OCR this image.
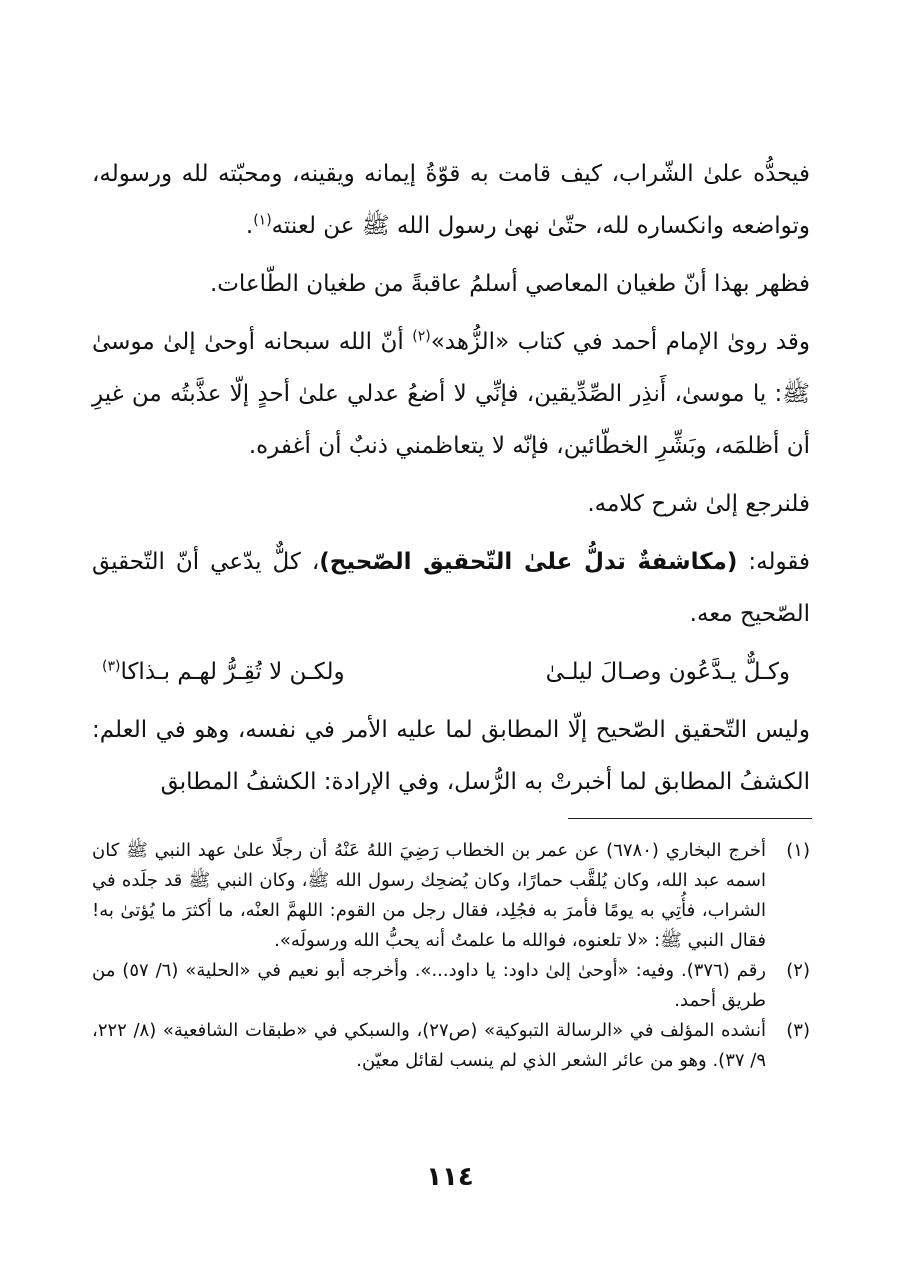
فيحدُّه علىٰ الشّراب، كيف قامت به قوّةُ إيمانه ويقينه، ومحبّته لله ورسوله، وتواضعه وانكساره لله، حتّىٰ نهىٰ رسول الله ﷺ عن لعنته$^{(١)}$.

فظهر بهذا أنّ طغيان المعاصي أسلمُ عاقبةً من طغيان الطّاعات.

وقد روىٰ الإمام أحمد في كتاب «الزُّهد»$^{(٢)}$ أنّ الله سبحانه أوحىٰ إلىٰ موسىٰ ﷺ: يا موسىٰ، أَنذِر الصِّدِّيقين، فإنِّي لا أضعُ عدلي علىٰ أحدٍ إلّا عذَّبتُه من غيرِ أن أظلمَه، وبَشِّرِ الخطّائين، فإنّه لا يتعاظمني ذنبٌ أن أغفره.

فلنرجع إلىٰ شرح كلامه.

فقوله: (مكاشفةٌ تدلُّ علىٰ التّحقيق الصّحيح)، كلٌّ يدّعي أنّ التّحقيق الصّحيح معه.

وكـلٌّ يـدَّعُون وصـالَ ليلـىٰ
ولكـن لا تُقِـرُّ لهـم بـذاكا$^{(٣)}$

وليس التّحقيق الصّحيح إلّا المطابق لما عليه الأمر في نفسه، وهو في العلم: الكشفُ المطابق لما أخبرتْ به الرُّسل، وفي الإرادة: الكشفُ المطابق

(١)
أخرج البخاري (٦٧٨٠) عن عمر بن الخطاب رَضِيَ اللهُ عَنْهُ أن رجلًا علىٰ عهد النبي ﷺ كان اسمه عبد الله، وكان يُلقَّب حمارًا، وكان يُضحِك رسول الله ﷺ، وكان النبي ﷺ قد جلَده في الشراب، فأُتِي به يومًا فأمرَ به فجُلِد، فقال رجل من القوم: اللهمَّ العنْه، ما أكثرَ ما يُؤتىٰ به! فقال النبي ﷺ: «لا تلعنوه، فوالله ما علمتُ أنه يحبُّ الله ورسولَه».
(٢)
رقم (٣٧٦). وفيه: «أوحىٰ إلىٰ داود: يا داود...». وأخرجه أبو نعيم في «الحلية» (٦/ ٥٧) من طريق أحمد.
(٣)
أنشده المؤلف في «الرسالة التبوكية» (ص٢٧)، والسبكي في «طبقات الشافعية» (٨/ ٢٢٢، ٩/ ٣٧). وهو من عائر الشعر الذي لم ينسب لقائل معيّن.
١١٤
